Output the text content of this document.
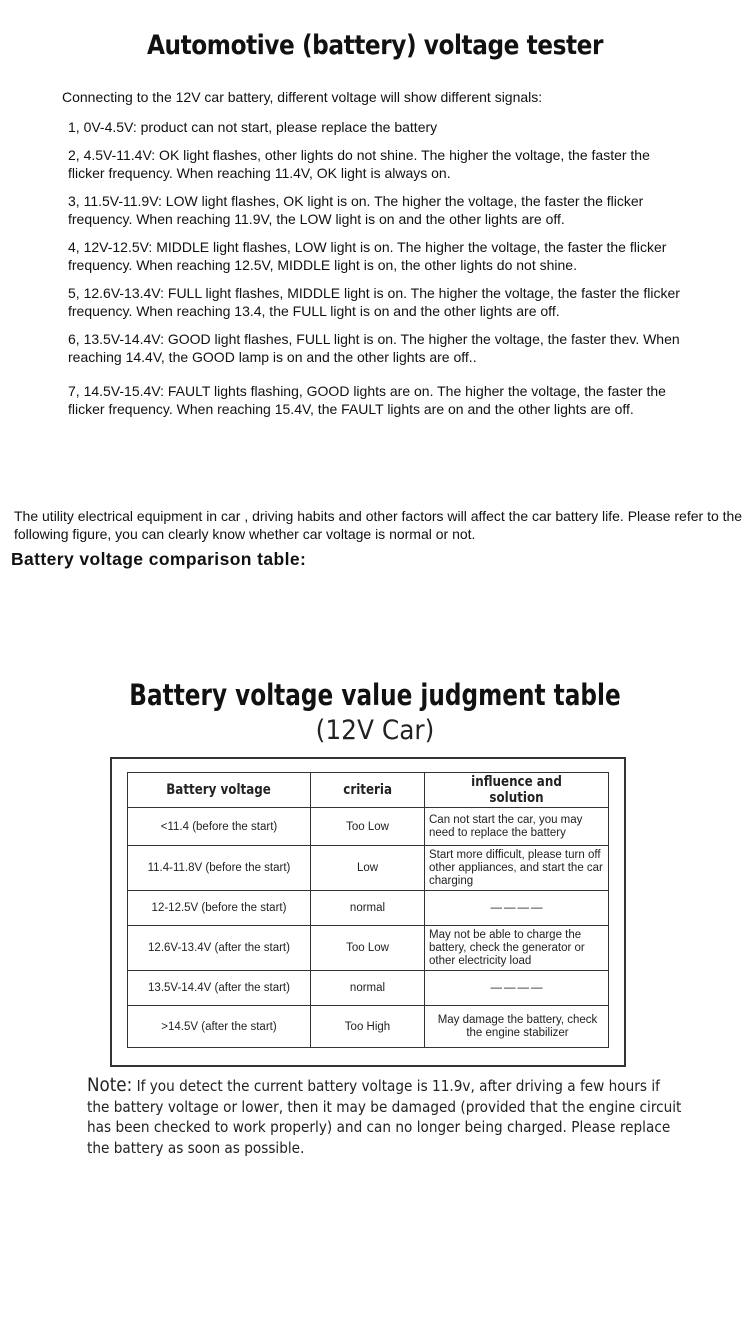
Automotive (battery) voltage tester
Connecting to the 12V car battery, different voltage will show different signals:
1, 0V-4.5V: product can not start, please replace the battery
2, 4.5V-11.4V: OK light flashes, other lights do not shine. The higher the voltage, the faster the flicker frequency. When reaching 11.4V, OK light is always on.
3, 11.5V-11.9V: LOW light flashes, OK light is on. The higher the voltage, the faster the flicker frequency. When reaching 11.9V, the LOW light is on and the other lights are off.
4, 12V-12.5V: MIDDLE light flashes, LOW light is on. The higher the voltage, the faster the flicker frequency. When reaching 12.5V, MIDDLE light is on, the other lights do not shine.
5, 12.6V-13.4V: FULL light flashes, MIDDLE light is on. The higher the voltage, the faster the flicker frequency. When reaching 13.4, the FULL light is on and the other lights are off.
6, 13.5V-14.4V: GOOD light flashes, FULL light is on. The higher the voltage, the faster thev. When reaching 14.4V, the GOOD lamp is on and the other lights are off..
7, 14.5V-15.4V: FAULT lights flashing, GOOD lights are on. The higher the voltage, the faster the flicker frequency. When reaching 15.4V, the FAULT lights are on and the other lights are off.
The utility electrical equipment in car , driving habits and other factors will affect the car battery life. Please refer to the following figure, you can clearly know whether car voltage is normal or not.
Battery voltage comparison table:
Battery voltage value judgment table
(12V Car)
Battery voltage	criteria	influence and solution
<11.4 (before the start)	Too Low	Can not start the car, you may need to replace the battery
11.4-11.8V (before the start)	Low	Start more difficult, please turn off other appliances, and start the car charging
12-12.5V (before the start)	normal	————
12.6V-13.4V (after the start)	Too Low	May not be able to charge the battery, check the generator or other electricity load
13.5V-14.4V (after the start)	normal	————
>14.5V (after the start)	Too High	May damage the battery, check the engine stabilizer
Note: If you detect the current battery voltage is 11.9v, after driving a few hours if the battery voltage or lower, then it may be damaged (provided that the engine circuit has been checked to work properly) and can no longer being charged. Please replace the battery as soon as possible.
